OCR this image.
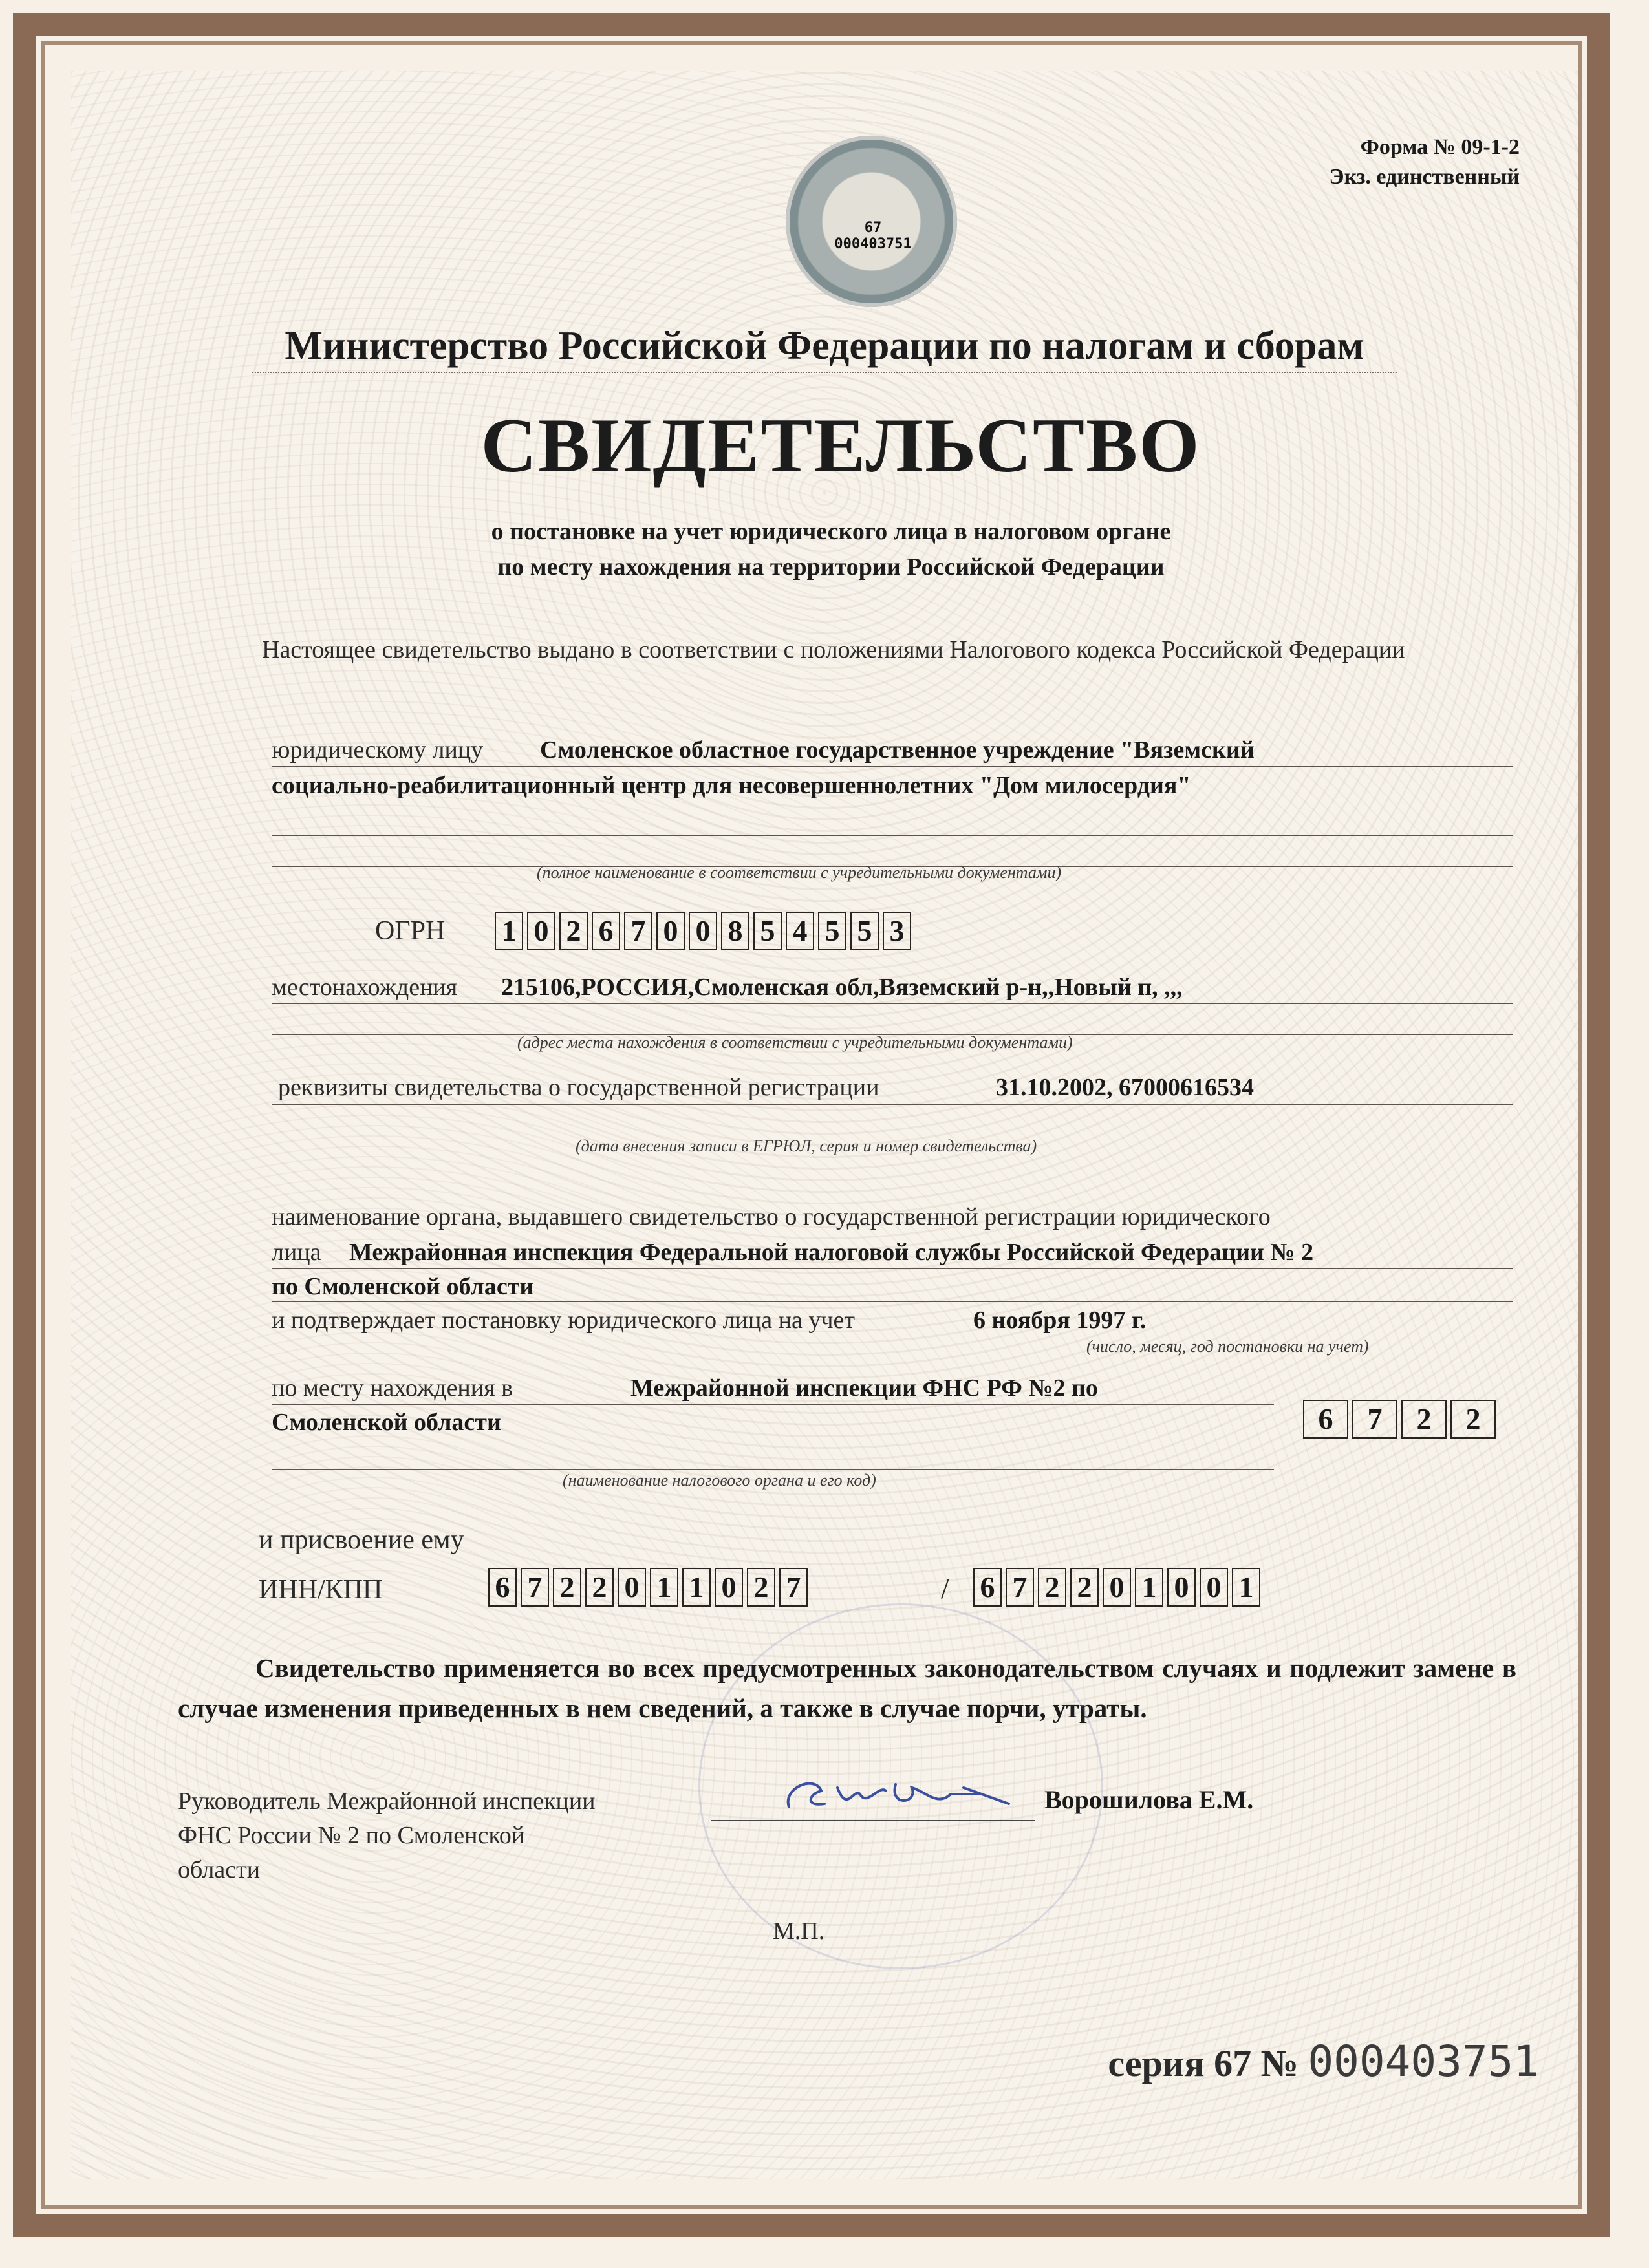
67 000403751
Форма № 09-1-2
Экз. единственный
Министерство Российской Федерации по налогам и сборам
СВИДЕТЕЛЬСТВО
о постановке на учет юридического лица в налоговом органе
по месту нахождения на территории Российской Федерации
Настоящее свидетельство выдано в соответствии с положениями Налогового кодекса Российской Федерации
юридическому лицу Смоленское областное государственное учреждение "Вяземский
социально-реабилитационный центр для несовершеннолетних "Дом милосердия"
(полное наименование в соответствии с учредительными документами)
ОГРН 1 0 2 6 7 0 0 8 5 4 5 5 3
местонахождения 215106,РОССИЯ,Смоленская обл,Вяземский р-н,,Новый п, ,,,
(адрес места нахождения в соответствии с учредительными документами)
реквизиты свидетельства о государственной регистрации	31.10.2002, 67000616534
(дата внесения записи в ЕГРЮЛ, серия и номер свидетельства)
наименование органа, выдавшего свидетельство о государственной регистрации юридического
лица Межрайонная инспекция Федеральной налоговой службы Российской Федерации № 2
по Смоленской области
и подтверждает постановку юридического лица на учет	6 ноября 1997 г.
(число, месяц, год постановки на учет)
по месту нахождения в	Межрайонной инспекции ФНС РФ №2 по
Смоленской области	6	7	2	2
(наименование налогового органа и его код)
и присвоение ему
ИНН/КПП	6 7 2 2 0 1 1 0 2 7	/ 6 7 2 2 0 1 0 0 1
Свидетельство применяется во всех предусмотренных законодательством случаях и подлежит замене в случае изменения приведенных в нем сведений, а также в случае порчи, утраты.
Руководитель Межрайонной инспекции
ФНС России № 2 по Смоленской
области
Ворошилова Е.М.
М.П.
серия 67 № 000403751
